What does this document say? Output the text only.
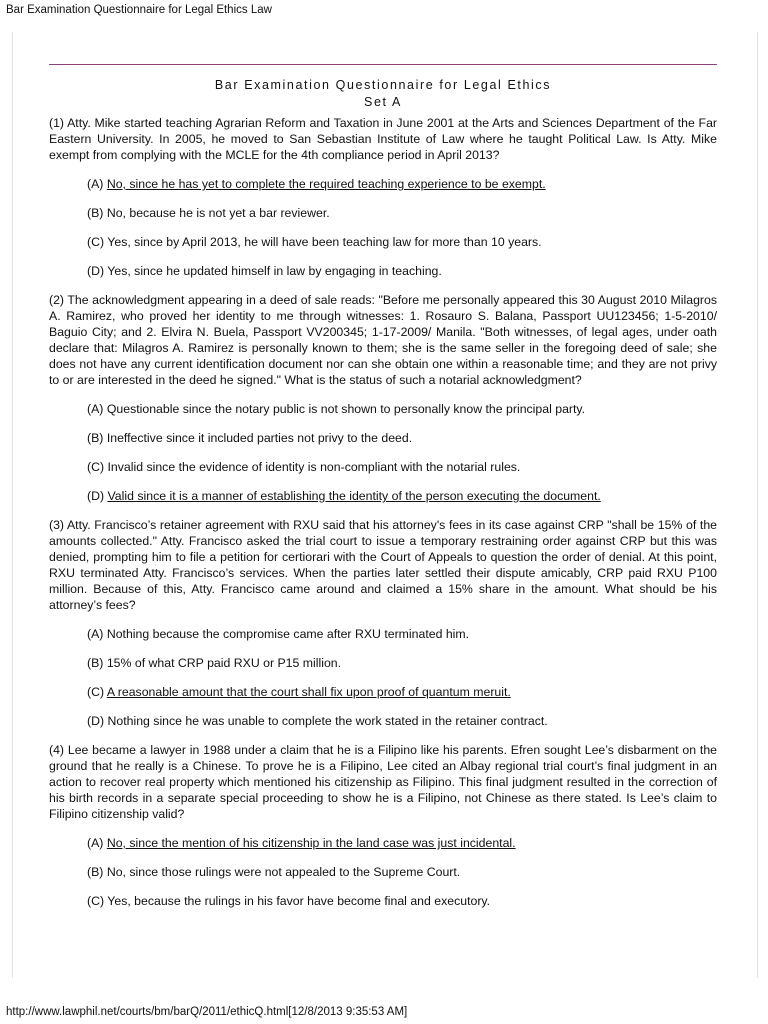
Bar Examination Questionnaire for Legal Ethics Law
Bar Examination Questionnaire for Legal Ethics
Set A

(1) Atty. Mike started teaching Agrarian Reform and Taxation in June 2001 at the Arts and Sciences Department of the Far Eastern University. In 2005, he moved to San Sebastian Institute of Law where he taught Political Law. Is Atty. Mike exempt from complying with the MCLE for the 4th compliance period in April 2013?

(A) No, since he has yet to complete the required teaching experience to be exempt.
(B) No, because he is not yet a bar reviewer.
(C) Yes, since by April 2013, he will have been teaching law for more than 10 years.
(D) Yes, since he updated himself in law by engaging in teaching.

(2) The acknowledgment appearing in a deed of sale reads: "Before me personally appeared this 30 August 2010 Milagros A. Ramirez, who proved her identity to me through witnesses: 1. Rosauro S. Balana, Passport UU123456; 1-5-2010/ Baguio City; and 2. Elvira N. Buela, Passport VV200345; 1-17-2009/ Manila. "Both witnesses, of legal ages, under oath declare that: Milagros A. Ramirez is personally known to them; she is the same seller in the foregoing deed of sale; she does not have any current identification document nor can she obtain one within a reasonable time; and they are not privy to or are interested in the deed he signed." What is the status of such a notarial acknowledgment?

(A) Questionable since the notary public is not shown to personally know the principal party.
(B) Ineffective since it included parties not privy to the deed.
(C) Invalid since the evidence of identity is non-compliant with the notarial rules.
(D) Valid since it is a manner of establishing the identity of the person executing the document.

(3) Atty. Francisco’s retainer agreement with RXU said that his attorney's fees in its case against CRP "shall be 15% of the amounts collected." Atty. Francisco asked the trial court to issue a temporary restraining order against CRP but this was denied, prompting him to file a petition for certiorari with the Court of Appeals to question the order of denial. At this point, RXU terminated Atty. Francisco’s services. When the parties later settled their dispute amicably, CRP paid RXU P100 million. Because of this, Atty. Francisco came around and claimed a 15% share in the amount. What should be his attorney’s fees?

(A) Nothing because the compromise came after RXU terminated him.
(B) 15% of what CRP paid RXU or P15 million.
(C) A reasonable amount that the court shall fix upon proof of quantum meruit.
(D) Nothing since he was unable to complete the work stated in the retainer contract.

(4) Lee became a lawyer in 1988 under a claim that he is a Filipino like his parents. Efren sought Lee’s disbarment on the ground that he really is a Chinese. To prove he is a Filipino, Lee cited an Albay regional trial court’s final judgment in an action to recover real property which mentioned his citizenship as Filipino. This final judgment resulted in the correction of his birth records in a separate special proceeding to show he is a Filipino, not Chinese as there stated. Is Lee’s claim to Filipino citizenship valid?

(A) No, since the mention of his citizenship in the land case was just incidental.
(B) No, since those rulings were not appealed to the Supreme Court.
(C) Yes, because the rulings in his favor have become final and executory.
http://www.lawphil.net/courts/bm/barQ/2011/ethicQ.html[12/8/2013 9:35:53 AM]
